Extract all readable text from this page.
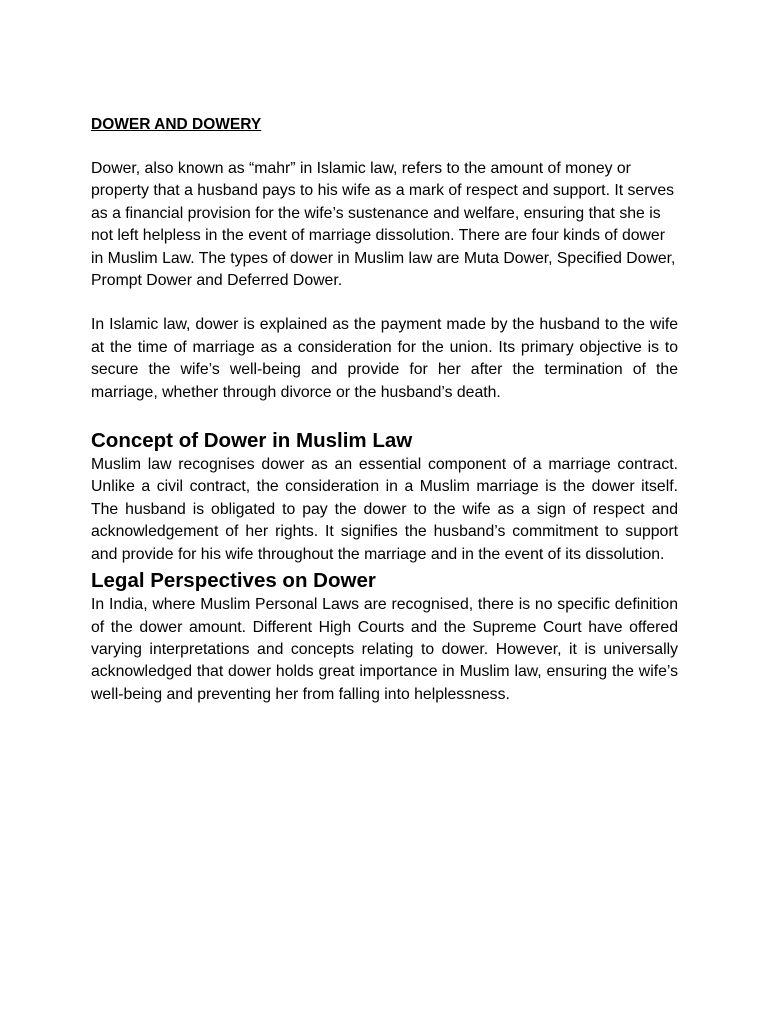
DOWER AND DOWERY

Dower, also known as “mahr” in Islamic law, refers to the amount of money or property that a husband pays to his wife as a mark of respect and support. It serves as a financial provision for the wife’s sustenance and welfare, ensuring that she is not left helpless in the event of marriage dissolution. There are four kinds of dower in Muslim Law. The types of dower in Muslim law are Muta Dower, Specified Dower, Prompt Dower and Deferred Dower.

In Islamic law, dower is explained as the payment made by the husband to the wife at the time of marriage as a consideration for the union. Its primary objective is to secure the wife’s well-being and provide for her after the termination of the marriage, whether through divorce or the husband’s death.

Concept of Dower in Muslim Law

Muslim law recognises dower as an essential component of a marriage contract. Unlike a civil contract, the consideration in a Muslim marriage is the dower itself. The husband is obligated to pay the dower to the wife as a sign of respect and acknowledgement of her rights. It signifies the husband’s commitment to support and provide for his wife throughout the marriage and in the event of its dissolution.

Legal Perspectives on Dower

In India, where Muslim Personal Laws are recognised, there is no specific definition of the dower amount. Different High Courts and the Supreme Court have offered varying interpretations and concepts relating to dower. However, it is universally acknowledged that dower holds great importance in Muslim law, ensuring the wife’s well-being and preventing her from falling into helplessness.
